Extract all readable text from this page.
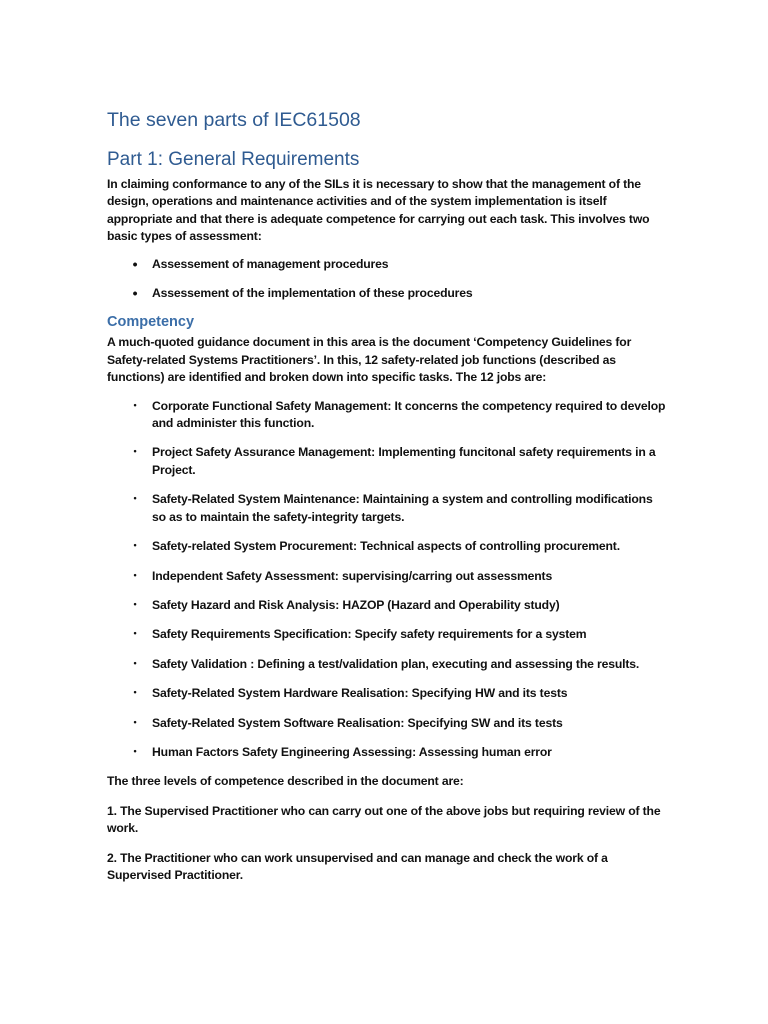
The seven parts of IEC61508
Part 1: General Requirements

In claiming conformance to any of the SILs it is necessary to show that the management of the design, operations and maintenance activities and of the system implementation is itself appropriate and that there is adequate competence for carrying out each task. This involves two basic types of assessment:

• Assessement of management procedures
• Assessement of the implementation of these procedures
Competency

A much-quoted guidance document in this area is the document ‘Competency Guidelines for Safety-related Systems Practitioners’. In this, 12 safety-related job functions (described as functions) are identified and broken down into specific tasks. The 12 jobs are:

•	Corporate Functional Safety Management: It concerns the competency required to develop and administer this function.
•	Project Safety Assurance Management: Implementing funcitonal safety requirements in a Project.
•	Safety-Related System Maintenance: Maintaining a system and controlling modifications so as to maintain the safety-integrity targets.
•	Safety-related System Procurement: Technical aspects of controlling procurement.
•	Independent Safety Assessment: supervising/carring out assessments
•	Safety Hazard and Risk Analysis: HAZOP (Hazard and Operability study)
•	Safety Requirements Specification: Specify safety requirements for a system
•	Safety Validation : Defining a test/validation plan, executing and assessing the results.
•	Safety-Related System Hardware Realisation: Specifying HW and its tests
•	Safety-Related System Software Realisation: Specifying SW and its tests
•	Human Factors Safety Engineering Assessing: Assessing human error

The three levels of competence described in the document are:

1. The Supervised Practitioner who can carry out one of the above jobs but requiring review of the work.

2. The Practitioner who can work unsupervised and can manage and check the work of a Supervised Practitioner.
